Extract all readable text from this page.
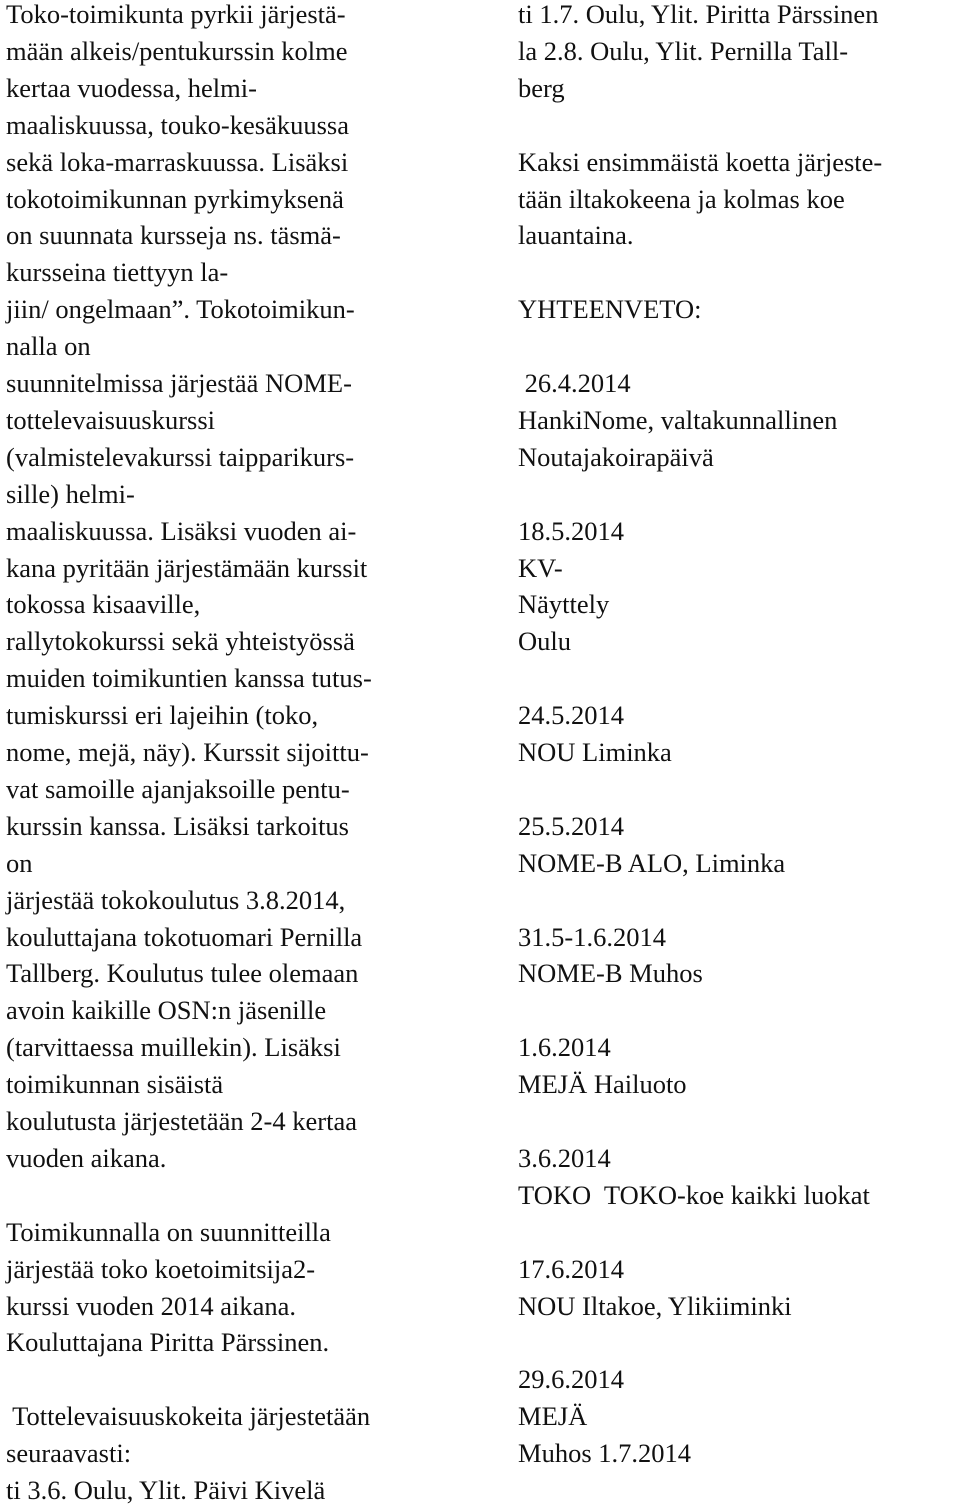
Toko-toimikunta pyrkii järjestä-
mään alkeis/pentukurssin kolme
kertaa vuodessa, helmi-
maaliskuussa, touko-kesäkuussa
sekä loka-marraskuussa. Lisäksi
tokotoimikunnan pyrkimyksenä
on suunnata kursseja ns. täsmä-
kursseina tiettyyn la-
jiin/ ongelmaan”. Tokotoimikun-
nalla on
suunnitelmissa järjestää NOME-
tottelevaisuuskurssi
(valmistelevakurssi taipparikurs-
sille) helmi-
maaliskuussa. Lisäksi vuoden ai-
kana pyritään järjestämään kurssit
tokossa kisaaville,
rallytokokurssi sekä yhteistyössä
muiden toimikuntien kanssa tutus-
tumiskurssi eri lajeihin (toko,
nome, mejä, näy). Kurssit sijoittu-
vat samoille ajanjaksoille pentu-
kurssin kanssa. Lisäksi tarkoitus
on
järjestää tokokoulutus 3.8.2014,
kouluttajana tokotuomari Pernilla
Tallberg. Koulutus tulee olemaan
avoin kaikille OSN:n jäsenille
(tarvittaessa muillekin). Lisäksi
toimikunnan sisäistä
koulutusta järjestetään 2-4 kertaa
vuoden aikana.
Toimikunnalla on suunnitteilla
järjestää toko koetoimitsija2-
kurssi vuoden 2014 aikana.
Kouluttajana Piritta Pärssinen.
Tottelevaisuuskokeita järjestetään
seuraavasti:
ti 3.6. Oulu, Ylit. Päivi Kivelä
ti 1.7. Oulu, Ylit. Piritta Pärssinen
la 2.8. Oulu, Ylit. Pernilla Tall-
berg
Kaksi ensimmäistä koetta järjeste-
tään iltakokeena ja kolmas koe
lauantaina.
YHTEENVETO:
26.4.2014
HankiNome, valtakunnallinen
Noutajakoirapäivä
18.5.2014
KV-
Näyttely
Oulu
24.5.2014
NOU Liminka
25.5.2014
NOME-B ALO, Liminka
31.5-1.6.2014
NOME-B Muhos
1.6.2014
MEJÄ Hailuoto
3.6.2014
TOKO  TOKO-koe kaikki luokat
17.6.2014
NOU Iltakoe, Ylikiiminki
29.6.2014
MEJÄ
Muhos 1.7.2014
